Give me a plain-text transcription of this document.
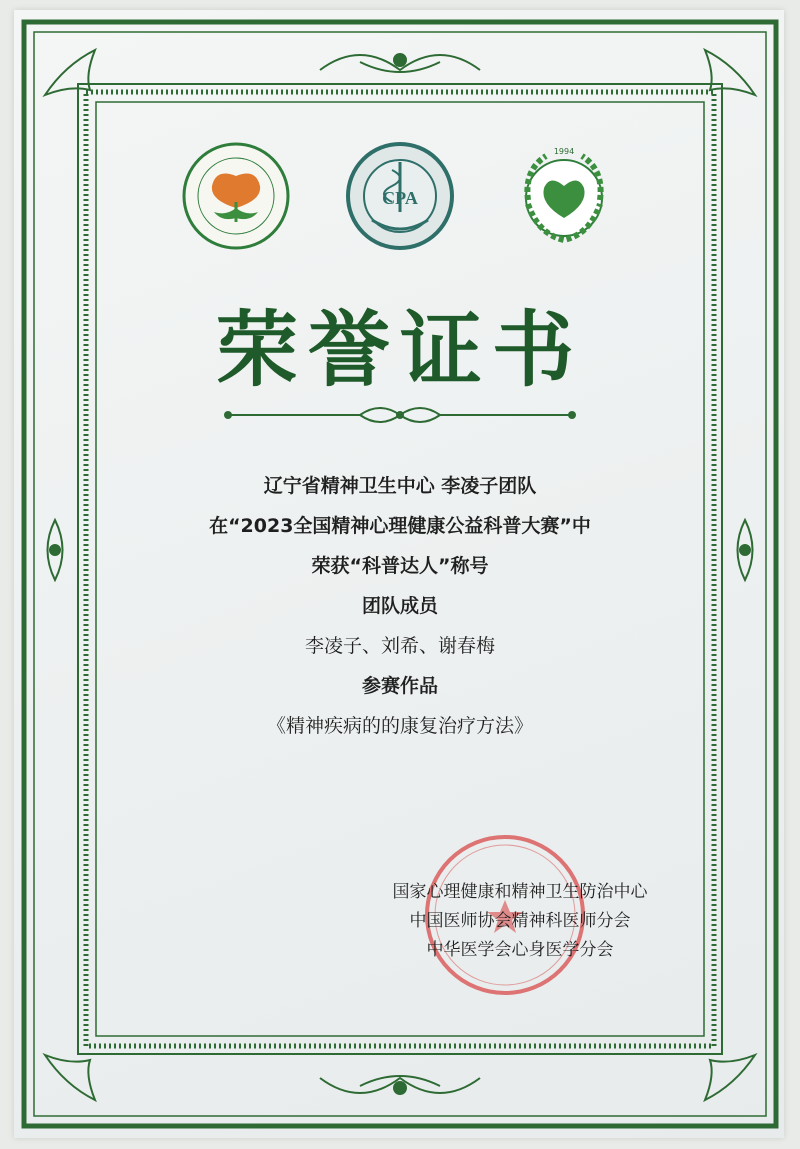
CPA
1994
荣誉证书
辽宁省精神卫生中心 李凌子团队
在“2023全国精神心理健康公益科普大赛”中
荣获“科普达人”称号
团队成员
李凌子、刘希、谢春梅
参赛作品
《精神疾病的的康复治疗方法》
国家心理健康和精神卫生防治中心
中国医师协会精神科医师分会
中华医学会心身医学分会
